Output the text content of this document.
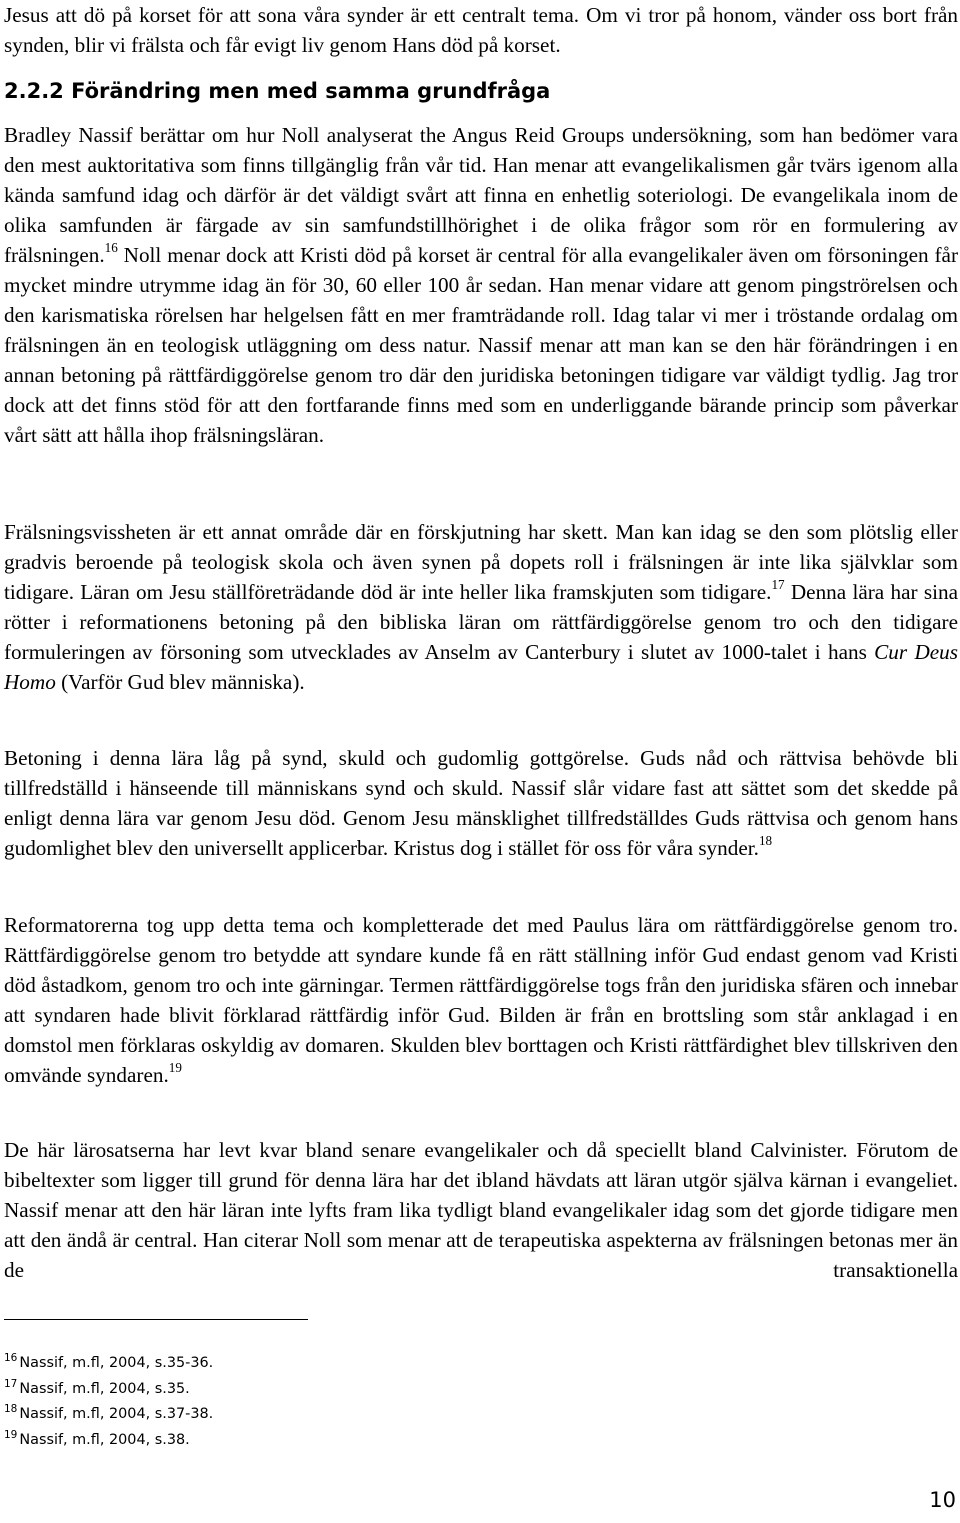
Jesus att dö på korset för att sona våra synder är ett centralt tema. Om vi tror på honom, vänder oss bort från synden, blir vi frälsta och får evigt liv genom Hans död på korset.

2.2.2 Förändring men med samma grundfråga

Bradley Nassif berättar om hur Noll analyserat the Angus Reid Groups undersökning, som han bedömer vara den mest auktoritativa som finns tillgänglig från vår tid. Han menar att evangelikalismen går tvärs igenom alla kända samfund idag och därför är det väldigt svårt att finna en enhetlig soteriologi. De evangelikala inom de olika samfunden är färgade av sin samfundstillhörighet i de olika frågor som rör en formulering av frälsningen.$^{16}$ Noll menar dock att Kristi död på korset är central för alla evangelikaler även om försoningen får mycket mindre utrymme idag än för 30, 60 eller 100 år sedan. Han menar vidare att genom pingströrelsen och den karismatiska rörelsen har helgelsen fått en mer framträdande roll. Idag talar vi mer i tröstande ordalag om frälsningen än en teologisk utläggning om dess natur. Nassif menar att man kan se den här förändringen i en annan betoning på rättfärdiggörelse genom tro där den juridiska betoningen tidigare var väldigt tydlig. Jag tror dock att det finns stöd för att den fortfarande finns med som en underliggande bärande princip som påverkar vårt sätt att hålla ihop frälsningsläran.

Frälsningsvissheten är ett annat område där en förskjutning har skett. Man kan idag se den som plötslig eller gradvis beroende på teologisk skola och även synen på dopets roll i frälsningen är inte lika självklar som tidigare. Läran om Jesu ställföreträdande död är inte heller lika framskjuten som tidigare.$^{17}$ Denna lära har sina rötter i reformationens betoning på den bibliska läran om rättfärdiggörelse genom tro och den tidigare formuleringen av försoning som utvecklades av Anselm av Canterbury i slutet av 1000-talet i hans Cur Deus Homo (Varför Gud blev människa).

Betoning i denna lära låg på synd, skuld och gudomlig gottgörelse. Guds nåd och rättvisa behövde bli tillfredställd i hänseende till människans synd och skuld. Nassif slår vidare fast att sättet som det skedde på enligt denna lära var genom Jesu död. Genom Jesu mänsklighet tillfredställdes Guds rättvisa och genom hans gudomlighet blev den universellt applicerbar. Kristus dog i stället för oss för våra synder.$^{18}$

Reformatorerna tog upp detta tema och kompletterade det med Paulus lära om rättfärdiggörelse genom tro. Rättfärdiggörelse genom tro betydde att syndare kunde få en rätt ställning inför Gud endast genom vad Kristi död åstadkom, genom tro och inte gärningar. Termen rättfärdiggörelse togs från den juridiska sfären och innebar att syndaren hade blivit förklarad rättfärdig inför Gud. Bilden är från en brottsling som står anklagad i en domstol men förklaras oskyldig av domaren. Skulden blev borttagen och Kristi rättfärdighet blev tillskriven den omvände syndaren.$^{19}$

De här lärosatserna har levt kvar bland senare evangelikaler och då speciellt bland Calvinister. Förutom de bibeltexter som ligger till grund för denna lära har det ibland hävdats att läran utgör själva kärnan i evangeliet. Nassif menar att den här läran inte lyfts fram lika tydligt bland evangelikaler idag som det gjorde tidigare men att den ändå är central. Han citerar Noll som menar att de terapeutiska aspekterna av frälsningen betonas mer än de transaktionella

$^{16}$ Nassif, m.fl, 2004, s.35-36.

$^{17}$ Nassif, m.fl, 2004, s.35.

$^{18}$ Nassif, m.fl, 2004, s.37-38.

$^{19}$ Nassif, m.fl, 2004, s.38.

10
